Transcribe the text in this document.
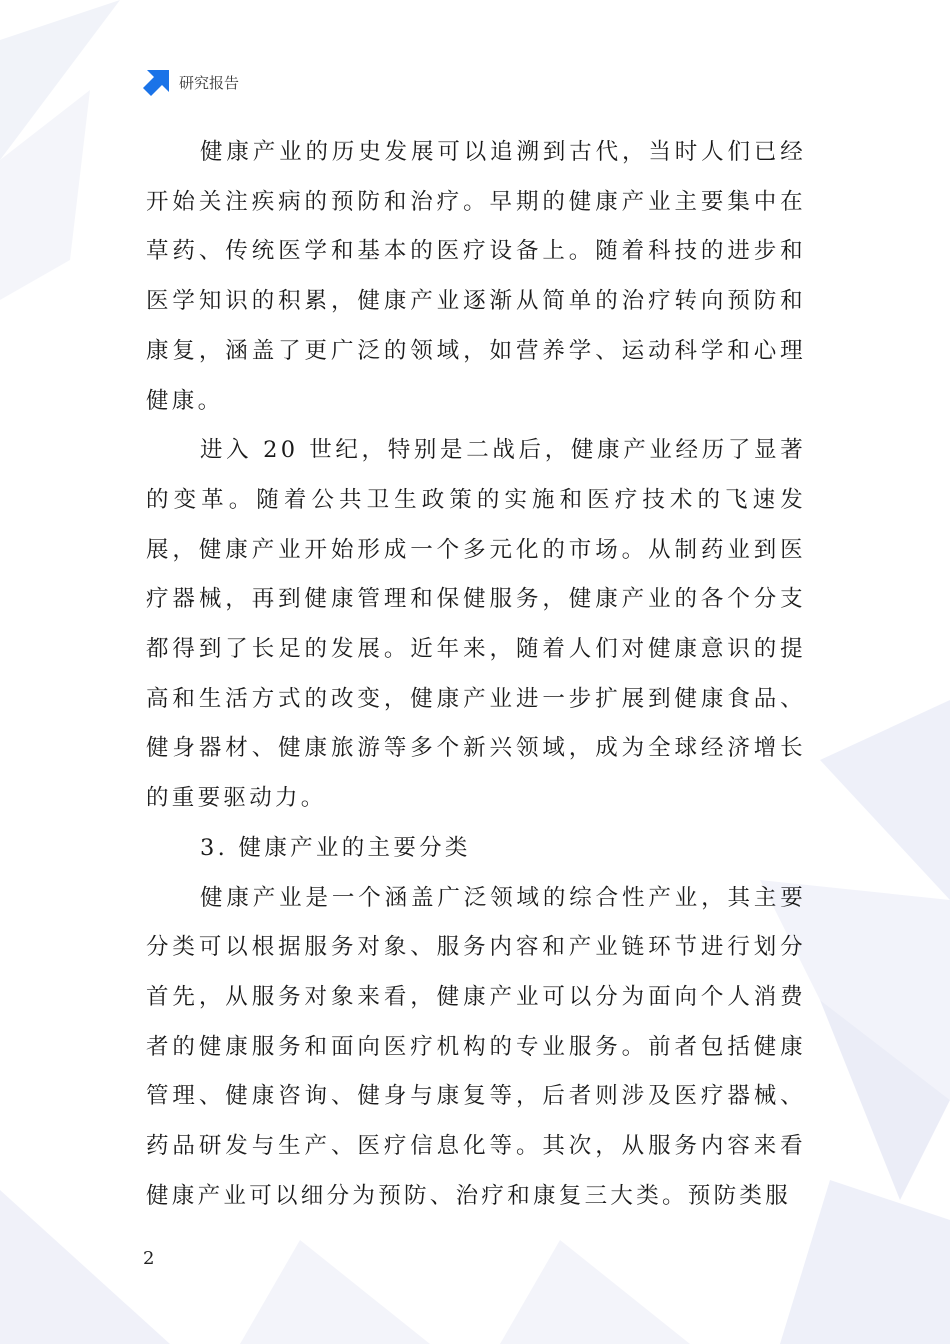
研究报告

健康产业的历史发展可以追溯到古代，当时人们已经开始关注疾病的预防和治疗。早期的健康产业主要集中在草药、传统医学和基本的医疗设备上。随着科技的进步和医学知识的积累，健康产业逐渐从简单的治疗转向预防和康复，涵盖了更广泛的领域，如营养学、运动科学和心理健康。

进入 20 世纪，特别是二战后，健康产业经历了显著的变革。随着公共卫生政策的实施和医疗技术的飞速发展，健康产业开始形成一个多元化的市场。从制药业到医疗器械，再到健康管理和保健服务，健康产业的各个分支都得到了长足的发展。近年来，随着人们对健康意识的提高和生活方式的改变，健康产业进一步扩展到健康食品、健身器材、健康旅游等多个新兴领域，成为全球经济增长的重要驱动力。

3. 健康产业的主要分类

健康产业是一个涵盖广泛领域的综合性产业，其主要分类可以根据服务对象、服务内容和产业链环节进行划分首先，从服务对象来看，健康产业可以分为面向个人消费者的健康服务和面向医疗机构的专业服务。前者包括健康管理、健康咨询、健身与康复等，后者则涉及医疗器械、药品研发与生产、医疗信息化等。其次，从服务内容来看健康产业可以细分为预防、治疗和康复三大类。预防类服

2
